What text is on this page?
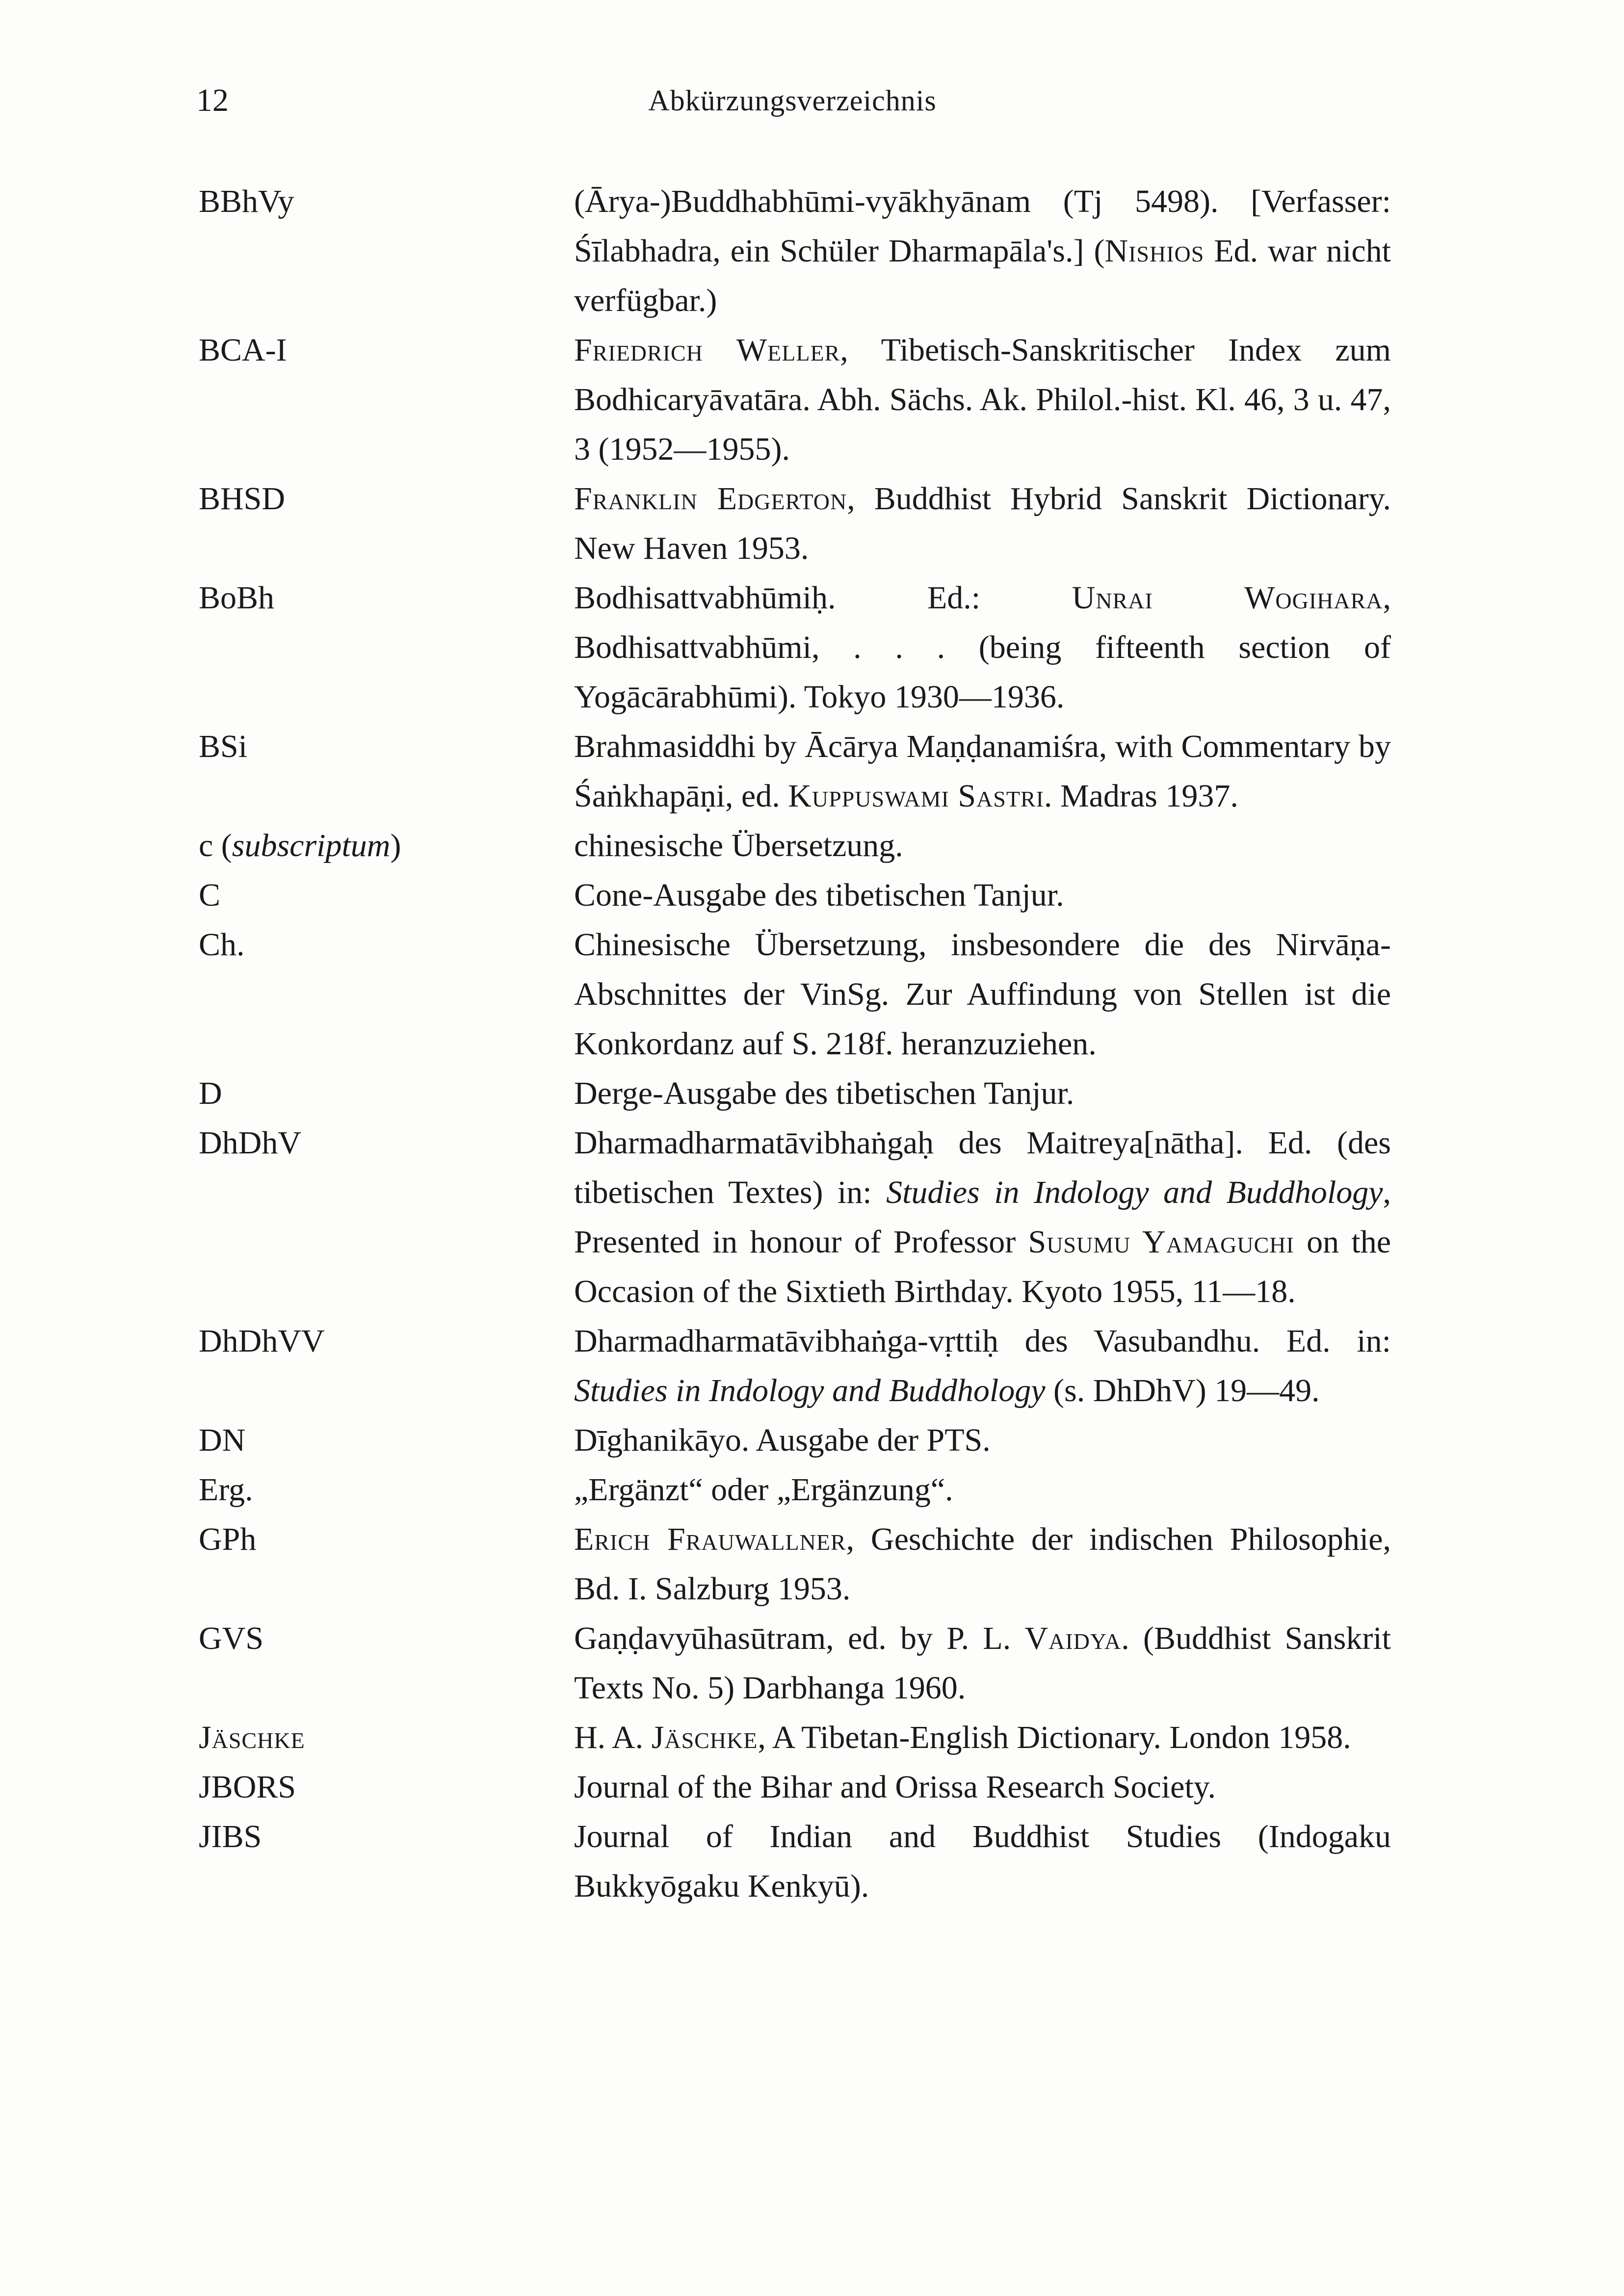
12	Abkürzungsverzeichnis
BBhVy	(Ārya-)Buddhabhūmi-vyākhyānam (Tj 5498). [Verfasser: Śīlabhadra, ein Schüler Dharmapāla's.] (Nishios Ed. war nicht verfügbar.)
BCA-I	Friedrich Weller, Tibetisch-Sanskritischer Index zum Bodhicaryāvatāra. Abh. Sächs. Ak. Philol.-hist. Kl. 46, 3 u. 47, 3 (1952—1955).
BHSD	Franklin Edgerton, Buddhist Hybrid Sanskrit Dictionary. New Haven 1953.
BoBh	Bodhisattvabhūmiḥ. Ed.: Unrai Wogihara, Bodhisattvabhūmi, . . . (being fifteenth section of Yogācārabhūmi). Tokyo 1930—1936.
BSi	Brahmasiddhi by Ācārya Maṇḍanamiśra, with Commentary by Śaṅkhapāṇi, ed. Kuppuswami Sastri. Madras 1937.
c (subscriptum)	chinesische Übersetzung.
C	Cone-Ausgabe des tibetischen Tanjur.
Ch.	Chinesische Übersetzung, insbesondere die des Nirvāṇa-Abschnittes der VinSg. Zur Auffindung von Stellen ist die Konkordanz auf S. 218f. heranzuziehen.
D	Derge-Ausgabe des tibetischen Tanjur.
DhDhV	Dharmadharmatāvibhaṅgaḥ des Maitreya[nātha]. Ed. (des tibetischen Textes) in: Studies in Indology and Buddhology, Presented in honour of Professor Susumu Yamaguchi on the Occasion of the Sixtieth Birthday. Kyoto 1955, 11—18.
DhDhVV	Dharmadharmatāvibhaṅga-vṛttiḥ des Vasubandhu. Ed. in: Studies in Indology and Buddhology (s. DhDhV) 19—49.
DN	Dīghanikāyo. Ausgabe der PTS.
Erg.	„Ergänzt“ oder „Ergänzung“.
GPh	Erich Frauwallner, Geschichte der indischen Philosophie, Bd. I. Salzburg 1953.
GVS	Gaṇḍavyūhasūtram, ed. by P. L. Vaidya. (Buddhist Sanskrit Texts No. 5) Darbhanga 1960.
Jäschke	H. A. Jäschke, A Tibetan-English Dictionary. London 1958.
JBORS	Journal of the Bihar and Orissa Research Society.
JIBS	Journal of Indian and Buddhist Studies (Indogaku Bukkyōgaku Kenkyū).
